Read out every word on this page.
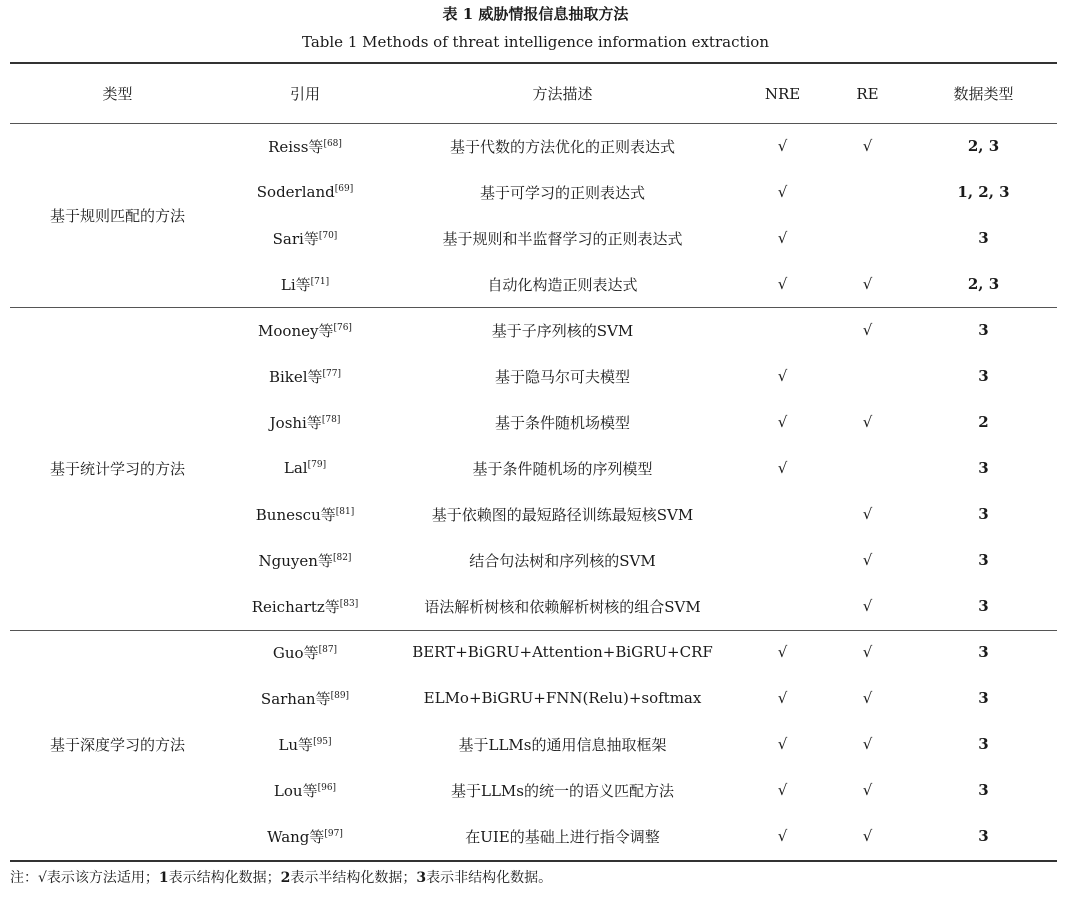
表 1 威胁情报信息抽取方法
Table 1 Methods of threat intelligence information extraction
类型	引用	方法描述	NRE	RE	数据类型
基于规则匹配的方法	Reiss等[68]	基于代数的方法优化的正则表达式	√	√	2, 3
	Soderland[69]	基于可学习的正则表达式	√		1, 2, 3
	Sari等[70]	基于规则和半监督学习的正则表达式	√		3
	Li等[71]	自动化构造正则表达式	√	√	2, 3
基于统计学习的方法	Mooney等[76]	基于子序列核的SVM		√	3
	Bikel等[77]	基于隐马尔可夫模型	√		3
	Joshi等[78]	基于条件随机场模型	√	√	2
	Lal[79]	基于条件随机场的序列模型	√		3
	Bunescu等[81]	基于依赖图的最短路径训练最短核SVM		√	3
	Nguyen等[82]	结合句法树和序列核的SVM		√	3
	Reichartz等[83]	语法解析树核和依赖解析树核的组合SVM		√	3
基于深度学习的方法	Guo等[87]	BERT+BiGRU+Attention+BiGRU+CRF	√	√	3
	Sarhan等[89]	ELMo+BiGRU+FNN(Relu)+softmax	√	√	3
	Lu等[95]	基于LLMs的通用信息抽取框架	√	√	3
	Lou等[96]	基于LLMs的统一的语义匹配方法	√	√	3
	Wang等[97]	在UIE的基础上进行指令调整	√	√	3
注：√表示该方法适用；1表示结构化数据；2表示半结构化数据；3表示非结构化数据。
